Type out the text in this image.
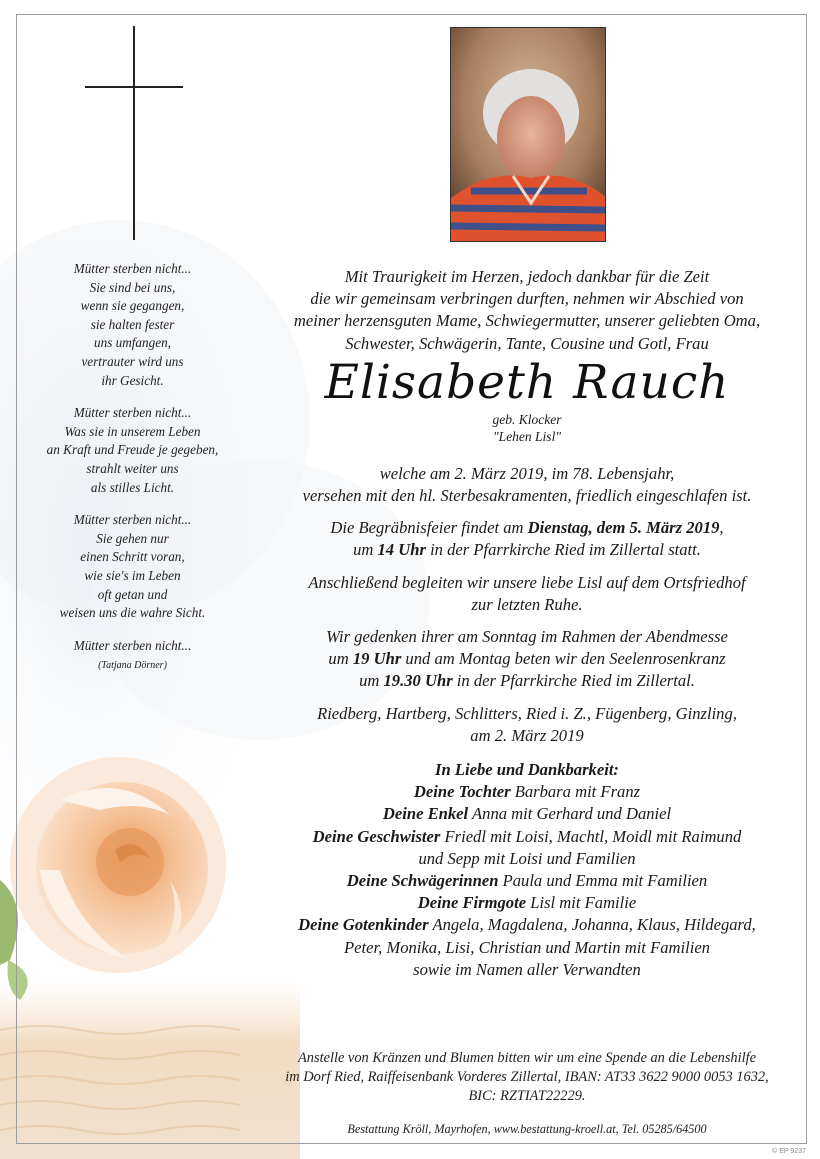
Mütter sterben nicht...
Sie sind bei uns,
wenn sie gegangen,
sie halten fester
uns umfangen,
vertrauter wird uns
ihr Gesicht.
Mütter sterben nicht...
Was sie in unserem Leben
an Kraft und Freude je gegeben,
strahlt weiter uns
als stilles Licht.
Mütter sterben nicht...
Sie gehen nur
einen Schritt voran,
wie sie's im Leben
oft getan und
weisen uns die wahre Sicht.
Mütter sterben nicht...
(Tatjana Dörner)

Mit Traurigkeit im Herzen, jedoch dankbar für die Zeit

die wir gemeinsam verbringen durften, nehmen wir Abschied von

meiner herzensguten Mame, Schwiegermutter, unserer geliebten Oma,

Schwester, Schwägerin, Tante, Cousine und Gotl, Frau

Elisabeth Rauch

geb. Klocker

"Lehen Lisl"

welche am 2. März 2019, im 78. Lebensjahr,

versehen mit den hl. Sterbesakramenten, friedlich eingeschlafen ist.

Die Begräbnisfeier findet am Dienstag, dem 5. März 2019,

um 14 Uhr in der Pfarrkirche Ried im Zillertal statt.

Anschließend begleiten wir unsere liebe Lisl auf dem Ortsfriedhof

zur letzten Ruhe.

Wir gedenken ihrer am Sonntag im Rahmen der Abendmesse

um 19 Uhr und am Montag beten wir den Seelenrosenkranz

um 19.30 Uhr in der Pfarrkirche Ried im Zillertal.

Riedberg, Hartberg, Schlitters, Ried i. Z., Fügenberg, Ginzling,

am 2. März 2019

In Liebe und Dankbarkeit:

Deine Tochter Barbara mit Franz

Deine Enkel Anna mit Gerhard und Daniel

Deine Geschwister Friedl mit Loisi, Machtl, Moidl mit Raimund

und Sepp mit Loisi und Familien

Deine Schwägerinnen Paula und Emma mit Familien

Deine Firmgote Lisl mit Familie

Deine Gotenkinder Angela, Magdalena, Johanna, Klaus, Hildegard,

Peter, Monika, Lisi, Christian und Martin mit Familien

sowie im Namen aller Verwandten

Anstelle von Kränzen und Blumen bitten wir um eine Spende an die Lebenshilfe

im Dorf Ried, Raiffeisenbank Vorderes Zillertal, IBAN: AT33 3622 9000 0053 1632,

BIC: RZTIAT22229.

Bestattung Kröll, Mayrhofen, www.bestattung-kroell.at, Tel. 05285/64500

© EP 9237
